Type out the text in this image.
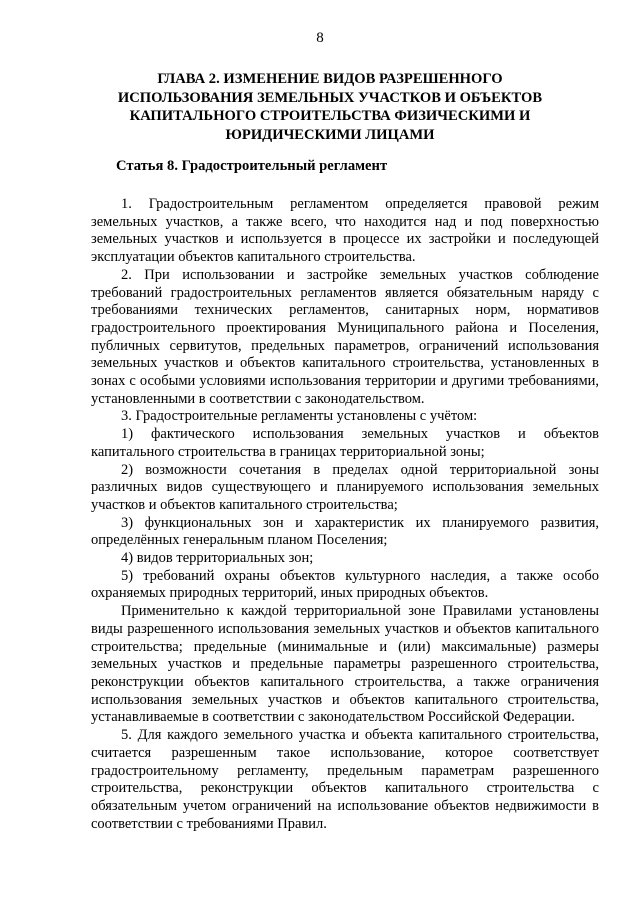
8
ГЛАВА 2. ИЗМЕНЕНИЕ ВИДОВ РАЗРЕШЕННОГО ИСПОЛЬЗОВАНИЯ ЗЕМЕЛЬНЫХ УЧАСТКОВ И ОБЪЕКТОВ КАПИТАЛЬНОГО СТРОИТЕЛЬСТВА ФИЗИЧЕСКИМИ И ЮРИДИЧЕСКИМИ ЛИЦАМИ
Статья 8. Градостроительный регламент

1. Градостроительным регламентом определяется правовой режим земельных участков, а также всего, что находится над и под поверхностью земельных участков и используется в процессе их застройки и последующей эксплуатации объектов капитального строительства.

2. При использовании и застройке земельных участков соблюдение требований градостроительных регламентов является обязательным наряду с требованиями технических регламентов, санитарных норм, нормативов градостроительного проектирования Муниципального района и Поселения, публичных сервитутов, предельных параметров, ограничений использования земельных участков и объектов капитального строительства, установленных в зонах с особыми условиями использования территории и другими требованиями, установленными в соответствии с законодательством.

3. Градостроительные регламенты установлены с учётом:

1) фактического использования земельных участков и объектов капитального строительства в границах территориальной зоны;

2) возможности сочетания в пределах одной территориальной зоны различных видов существующего и планируемого использования земельных участков и объектов капитального строительства;

3) функциональных зон и характеристик их планируемого развития, определённых генеральным планом Поселения;

4) видов территориальных зон;

5) требований охраны объектов культурного наследия, а также особо охраняемых природных территорий, иных природных объектов.

Применительно к каждой территориальной зоне Правилами установлены виды разрешенного использования земельных участков и объектов капитального строительства; предельные (минимальные и (или) максимальные) размеры земельных участков и предельные параметры разрешенного строительства, реконструкции объектов капитального строительства, а также ограничения использования земельных участков и объектов капитального строительства, устанавливаемые в соответствии с законодательством Российской Федерации.

5. Для каждого земельного участка и объекта капитального строительства, считается разрешенным такое использование, которое соответствует градостроительному регламенту, предельным параметрам разрешенного строительства, реконструкции объектов капитального строительства с обязательным учетом ограничений на использование объектов недвижимости в соответствии с требованиями Правил.
